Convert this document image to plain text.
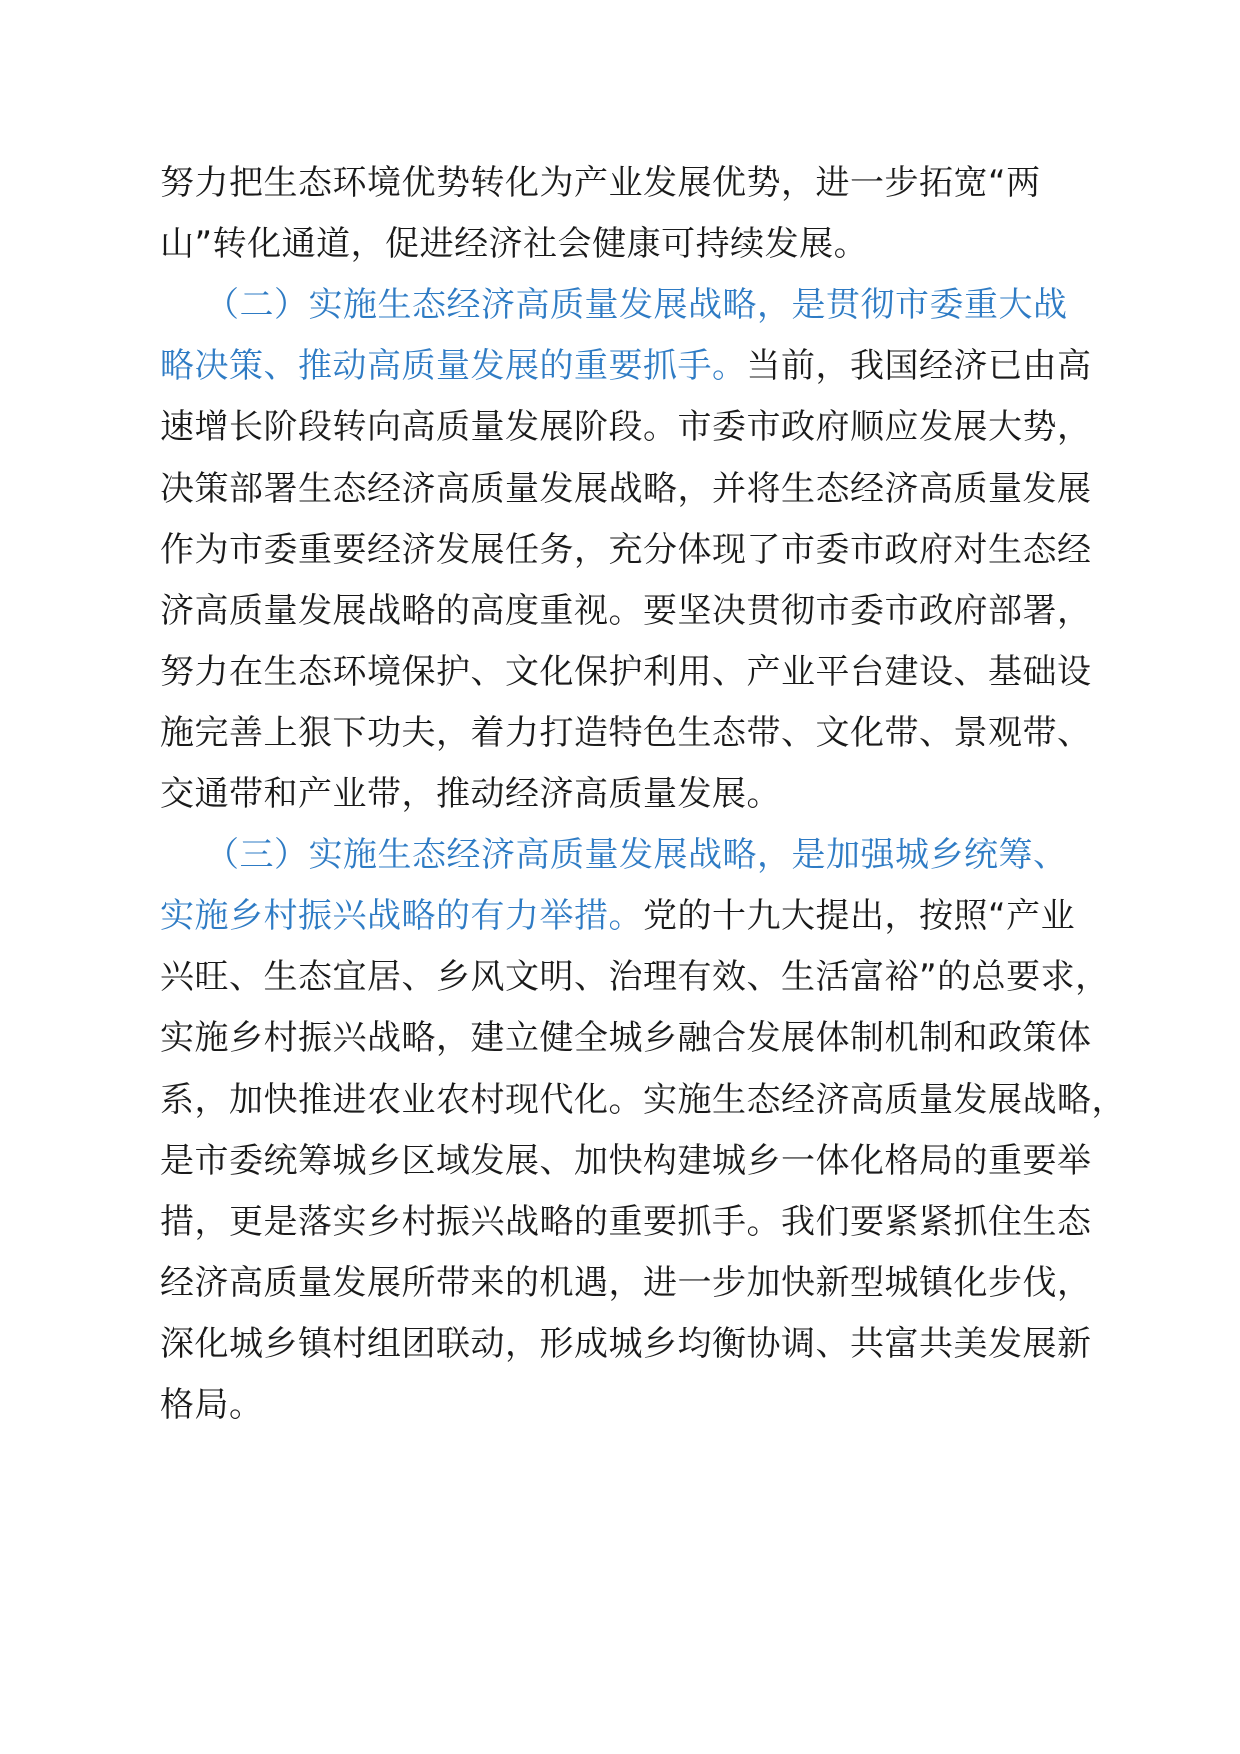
努力把生态环境优势转化为产业发展优势，进一步拓宽“两
山”转化通道，促进经济社会健康可持续发展。
（二）实施生态经济高质量发展战略，是贯彻市委重大战
略决策、推动高质量发展的重要抓手。当前，我国经济已由高
速增长阶段转向高质量发展阶段。市委市政府顺应发展大势，
决策部署生态经济高质量发展战略，并将生态经济高质量发展
作为市委重要经济发展任务，充分体现了市委市政府对生态经
济高质量发展战略的高度重视。要坚决贯彻市委市政府部署，
努力在生态环境保护、文化保护利用、产业平台建设、基础设
施完善上狠下功夫，着力打造特色生态带、文化带、景观带、
交通带和产业带，推动经济高质量发展。
（三）实施生态经济高质量发展战略，是加强城乡统筹、
实施乡村振兴战略的有力举措。党的十九大提出，按照“产业
兴旺、生态宜居、乡风文明、治理有效、生活富裕”的总要求，
实施乡村振兴战略，建立健全城乡融合发展体制机制和政策体
系，加快推进农业农村现代化。实施生态经济高质量发展战略，
是市委统筹城乡区域发展、加快构建城乡一体化格局的重要举
措，更是落实乡村振兴战略的重要抓手。我们要紧紧抓住生态
经济高质量发展所带来的机遇，进一步加快新型城镇化步伐，
深化城乡镇村组团联动，形成城乡均衡协调、共富共美发展新
格局。
